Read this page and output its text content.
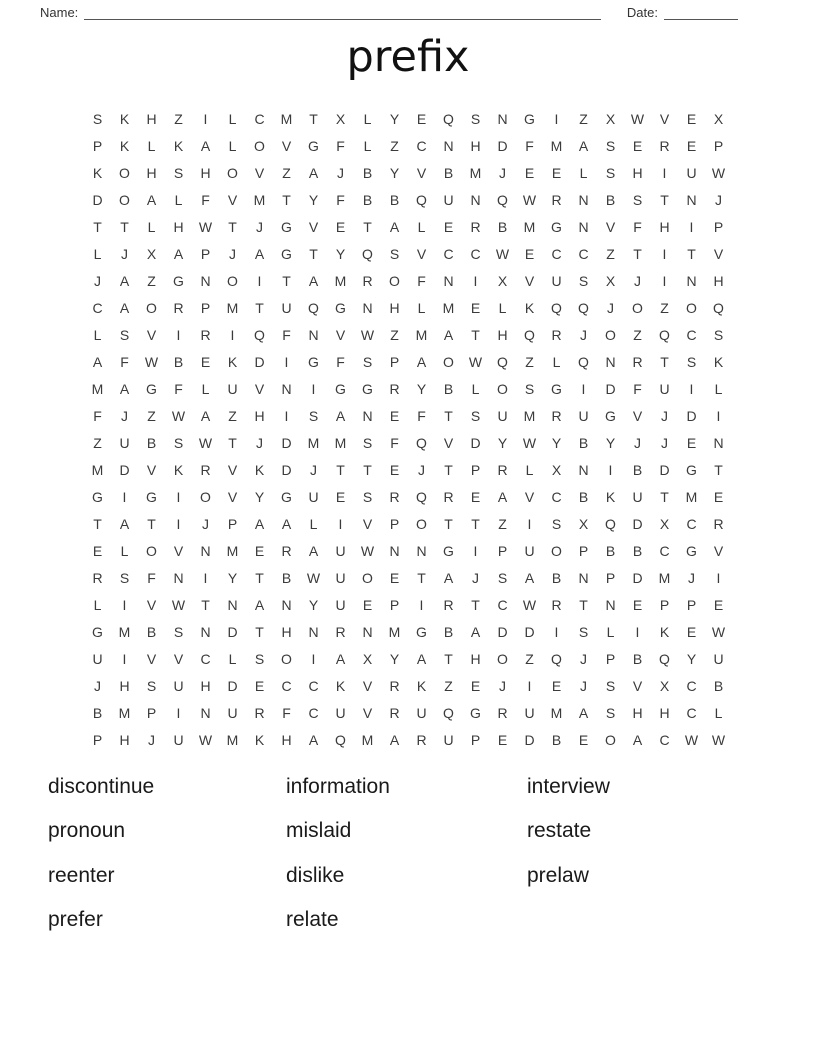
Name:	Date:
prefix
S	K	H	Z	I	L	C	M	T	X	L	Y	E	Q	S	N	G	I	Z	X	W	V	E	X
P	K	L	K	A	L	O	V	G	F	L	Z	C	N	H	D	F	M	A	S	E	R	E	P
K	O	H	S	H	O	V	Z	A	J	B	Y	V	B	M	J	E	E	L	S	H	I	U	W
D	O	A	L	F	V	M	T	Y	F	B	B	Q	U	N	Q	W	R	N	B	S	T	N	J
T	T	L	H	W	T	J	G	V	E	T	A	L	E	R	B	M	G	N	V	F	H	I	P
L	J	X	A	P	J	A	G	T	Y	Q	S	V	C	C	W	E	C	C	Z	T	I	T	V
J	A	Z	G	N	O	I	T	A	M	R	O	F	N	I	X	V	U	S	X	J	I	N	H
C	A	O	R	P	M	T	U	Q	G	N	H	L	M	E	L	K	Q	Q	J	O	Z	O	Q
L	S	V	I	R	I	Q	F	N	V	W	Z	M	A	T	H	Q	R	J	O	Z	Q	C	S
A	F	W	B	E	K	D	I	G	F	S	P	A	O	W	Q	Z	L	Q	N	R	T	S	K
M	A	G	F	L	U	V	N	I	G	G	R	Y	B	L	O	S	G	I	D	F	U	I	L
F	J	Z	W	A	Z	H	I	S	A	N	E	F	T	S	U	M	R	U	G	V	J	D	I
Z	U	B	S	W	T	J	D	M	M	S	F	Q	V	D	Y	W	Y	B	Y	J	J	E	N
M	D	V	K	R	V	K	D	J	T	T	E	J	T	P	R	L	X	N	I	B	D	G	T
G	I	G	I	O	V	Y	G	U	E	S	R	Q	R	E	A	V	C	B	K	U	T	M	E
T	A	T	I	J	P	A	A	L	I	V	P	O	T	T	Z	I	S	X	Q	D	X	C	R
E	L	O	V	N	M	E	R	A	U	W	N	N	G	I	P	U	O	P	B	B	C	G	V
R	S	F	N	I	Y	T	B	W	U	O	E	T	A	J	S	A	B	N	P	D	M	J	I
L	I	V	W	T	N	A	N	Y	U	E	P	I	R	T	C	W	R	T	N	E	P	P	E
G	M	B	S	N	D	T	H	N	R	N	M	G	B	A	D	D	I	S	L	I	K	E	W
U	I	V	V	C	L	S	O	I	A	X	Y	A	T	H	O	Z	Q	J	P	B	Q	Y	U
J	H	S	U	H	D	E	C	C	K	V	R	K	Z	E	J	I	E	J	S	V	X	C	B
B	M	P	I	N	U	R	F	C	U	V	R	U	Q	G	R	U	M	A	S	H	H	C	L
P	H	J	U	W	M	K	H	A	Q	M	A	R	U	P	E	D	B	E	O	A	C	W W
discontinue
pronoun
reenter
prefer
information
mislaid
dislike
relate
interview
restate
prelaw
